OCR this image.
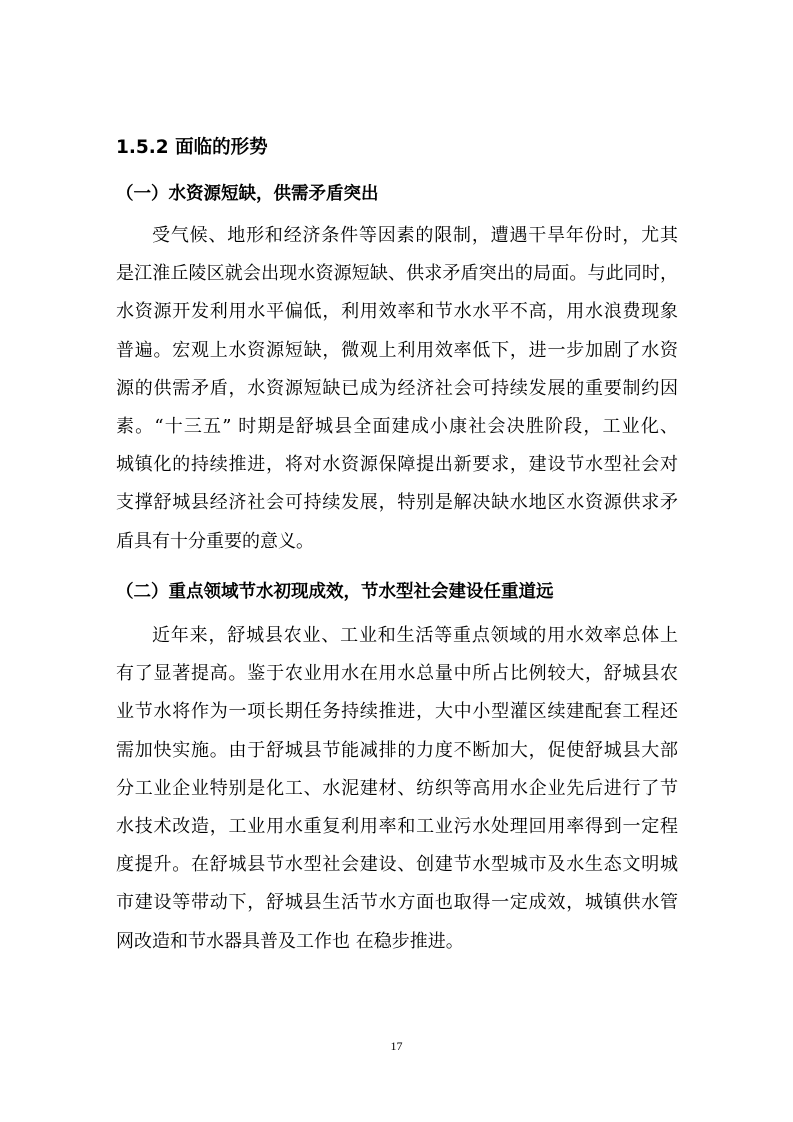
1.5.2 面临的形势
（一）水资源短缺，供需矛盾突出
受气候、地形和经济条件等因素的限制，遭遇干旱年份时，尤其
是江淮丘陵区就会出现水资源短缺、供求矛盾突出的局面。与此同时，
水资源开发利用水平偏低，利用效率和节水水平不高，用水浪费现象
普遍。宏观上水资源短缺，微观上利用效率低下，进一步加剧了水资
源的供需矛盾，水资源短缺已成为经济社会可持续发展的重要制约因
素。“十三五” 时期是舒城县全面建成小康社会决胜阶段，工业化、
城镇化的持续推进，将对水资源保障提出新要求，建设节水型社会对
支撑舒城县经济社会可持续发展，特别是解决缺水地区水资源供求矛
盾具有十分重要的意义。
（二）重点领域节水初现成效，节水型社会建设任重道远
近年来，舒城县农业、工业和生活等重点领域的用水效率总体上
有了显著提高。鉴于农业用水在用水总量中所占比例较大，舒城县农
业节水将作为一项长期任务持续推进，大中小型灌区续建配套工程还
需加快实施。由于舒城县节能减排的力度不断加大，促使舒城县大部
分工业企业特别是化工、水泥建材、纺织等高用水企业先后进行了节
水技术改造，工业用水重复利用率和工业污水处理回用率得到一定程
度提升。在舒城县节水型社会建设、创建节水型城市及水生态文明城
市建设等带动下，舒城县生活节水方面也取得一定成效，城镇供水管
网改造和节水器具普及工作也 在稳步推进。
17
